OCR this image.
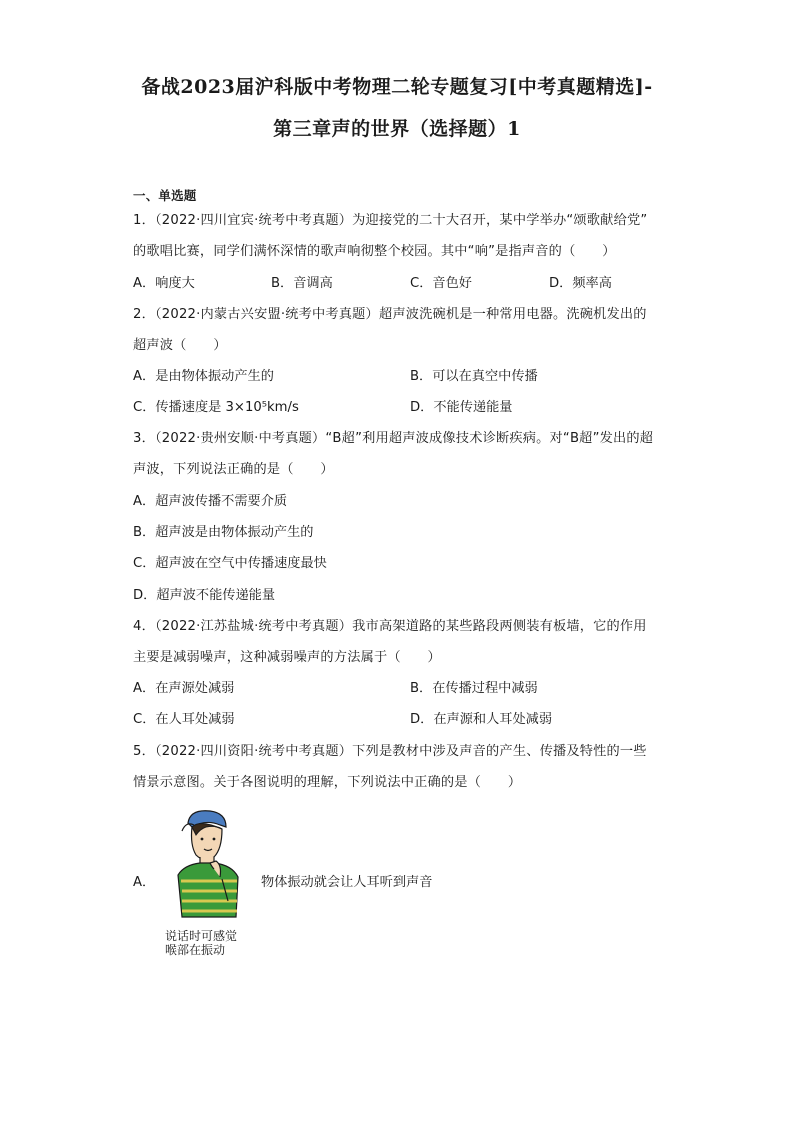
备战2023届沪科版中考物理二轮专题复习[中考真题精选]-
第三章声的世界（选择题）1
一、单选题
1．（2022·四川宜宾·统考中考真题）为迎接党的二十大召开，某中学举办“颂歌献给党”
的歌唱比赛，同学们满怀深情的歌声响彻整个校园。其中“响”是指声音的（　　）
A．响度大	B．音调高	C．音色好	D．频率高
2．（2022·内蒙古兴安盟·统考中考真题）超声波洗碗机是一种常用电器。洗碗机发出的
超声波（　　）
A．是由物体振动产生的	B．可以在真空中传播
C．传播速度是 3×10⁵km/s	D．不能传递能量
3．（2022·贵州安顺·中考真题）“B超”利用超声波成像技术诊断疾病。对“B超”发出的超
声波，下列说法正确的是（　　）
A．超声波传播不需要介质
B．超声波是由物体振动产生的
C．超声波在空气中传播速度最快
D．超声波不能传递能量
4．（2022·江苏盐城·统考中考真题）我市高架道路的某些路段两侧装有板墙，它的作用
主要是减弱噪声，这种减弱噪声的方法属于（　　）
A．在声源处减弱	B．在传播过程中减弱
C．在人耳处减弱	D．在声源和人耳处减弱
5．（2022·四川资阳·统考中考真题）下列是教材中涉及声音的产生、传播及特性的一些
情景示意图。关于各图说明的理解，下列说法中正确的是（　　）
A．	物体振动就会让人耳听到声音
说话时可感觉
喉部在振动
